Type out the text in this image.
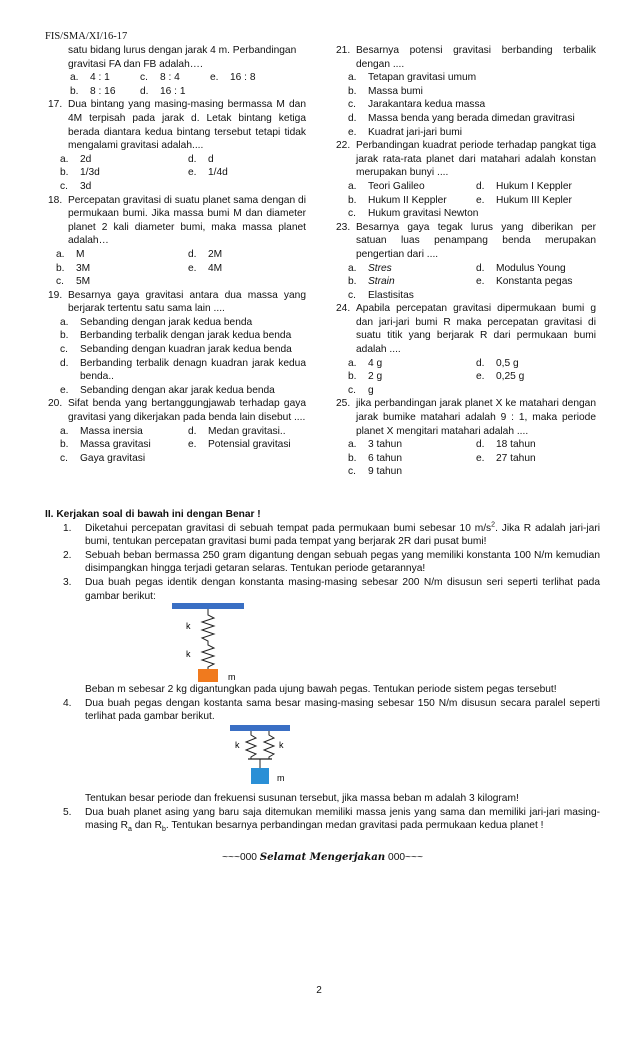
FIS/SMA/XI/16-17
satu bidang lurus dengan jarak 4 m. Perbandingan
gravitasi FA dan FB adalah….
a. 4 : 1	c. 8 : 4	e. 16 : 8
b. 8 : 16	d. 16 : 1
17. Dua bintang yang masing-masing bermassa M dan 4M terpisah pada jarak d. Letak bintang ketiga berada diantara kedua bintang tersebut tetapi tidak mengalami gravitasi adalah....
a. 2d	d. d
b. 1/3d	e. 1/4d
c. 3d
18. Percepatan gravitasi di suatu planet sama dengan di permukaan bumi. Jika massa bumi M dan diameter planet 2 kali diameter bumi, maka massa planet adalah…
a. M	d. 2M
b. 3M	e. 4M
c. 5M
19. Besarnya gaya gravitasi antara dua massa yang berjarak tertentu satu sama lain ....
a. Sebanding dengan jarak kedua benda
b. Berbanding terbalik dengan jarak kedua benda
c. Sebanding dengan kuadran jarak kedua benda
d. Berbanding terbalik denagn kuadran jarak kedua benda..
e. Sebanding dengan akar jarak kedua benda
20. Sifat benda yang bertanggungjawab terhadap gaya gravitasi yang dikerjakan pada benda lain disebut ....
a. Massa inersia	d. Medan gravitasi..
b. Massa gravitasi	e. Potensial gravitasi
c. Gaya gravitasi
21. Besarnya potensi gravitasi berbanding terbalik dengan ....
a. Tetapan gravitasi umum
b. Massa bumi
c. Jarakantara kedua massa
d. Massa benda yang berada dimedan gravitrasi
e. Kuadrat jari-jari bumi
22. Perbandingan kuadrat periode terhadap pangkat tiga jarak rata-rata planet dari matahari adalah konstan merupakan bunyi ....
a. Teori Galileo	d. Hukum I Keppler
b. Hukum II Keppler	e. Hukum III Kepler
c. Hukum gravitasi Newton
23. Besarnya gaya tegak lurus yang diberikan per satuan luas penampang benda merupakan pengertian dari ....
a. Stres	d. Modulus Young
b. Strain	e. Konstanta pegas
c. Elastisitas
24. Apabila percepatan gravitasi dipermukaan bumi g dan jari-jari bumi R maka percepatan gravitasi di suatu titik yang berjarak R dari permukaan bumi adalah ....
a. 4 g	d. 0,5 g
b. 2 g	e. 0,25 g
c. g
25. jika perbandingan jarak planet X ke matahari dengan jarak bumike matahari adalah 9 : 1, maka periode planet X mengitari matahari adalah ....
a. 3 tahun	d. 18 tahun
b. 6 tahun	e. 27 tahun
c. 9 tahun
II. Kerjakan soal di bawah ini dengan Benar !
1. Diketahui percepatan gravitasi di sebuah tempat pada permukaan bumi sebesar 10 $m/s^2$. Jika R adalah jari-jari bumi, tentukan percepatan gravitasi bumi pada tempat yang berjarak 2R dari pusat bumi!
2. Sebuah beban bermassa 250 gram digantung dengan sebuah pegas yang memiliki konstanta 100 N/m kemudian disimpangkan hingga terjadi getaran selaras. Tentukan periode getarannya!
3. Dua buah pegas identik dengan konstanta masing-masing sebesar 200 N/m disusun seri seperti terlihat pada gambar berikut:
k
k
m
Beban m sebesar 2 kg digantungkan pada ujung bawah pegas. Tentukan periode sistem pegas tersebut!
4. Dua buah pegas dengan kostanta sama besar masing-masing sebesar 150 N/m disusun secara paralel seperti terlihat pada gambar berikut.
k	k
m
Tentukan besar periode dan frekuensi susunan tersebut, jika massa beban m adalah 3 kilogram!
5. Dua buah planet asing yang baru saja ditemukan memiliki massa jenis yang sama dan memiliki jari-jari masing-masing $R_a$ dan $R_b$. Tentukan besarnya perbandingan medan gravitasi pada permukaan kedua planet !
~~~000 Selamat Mengerjakan 000~~~
2
